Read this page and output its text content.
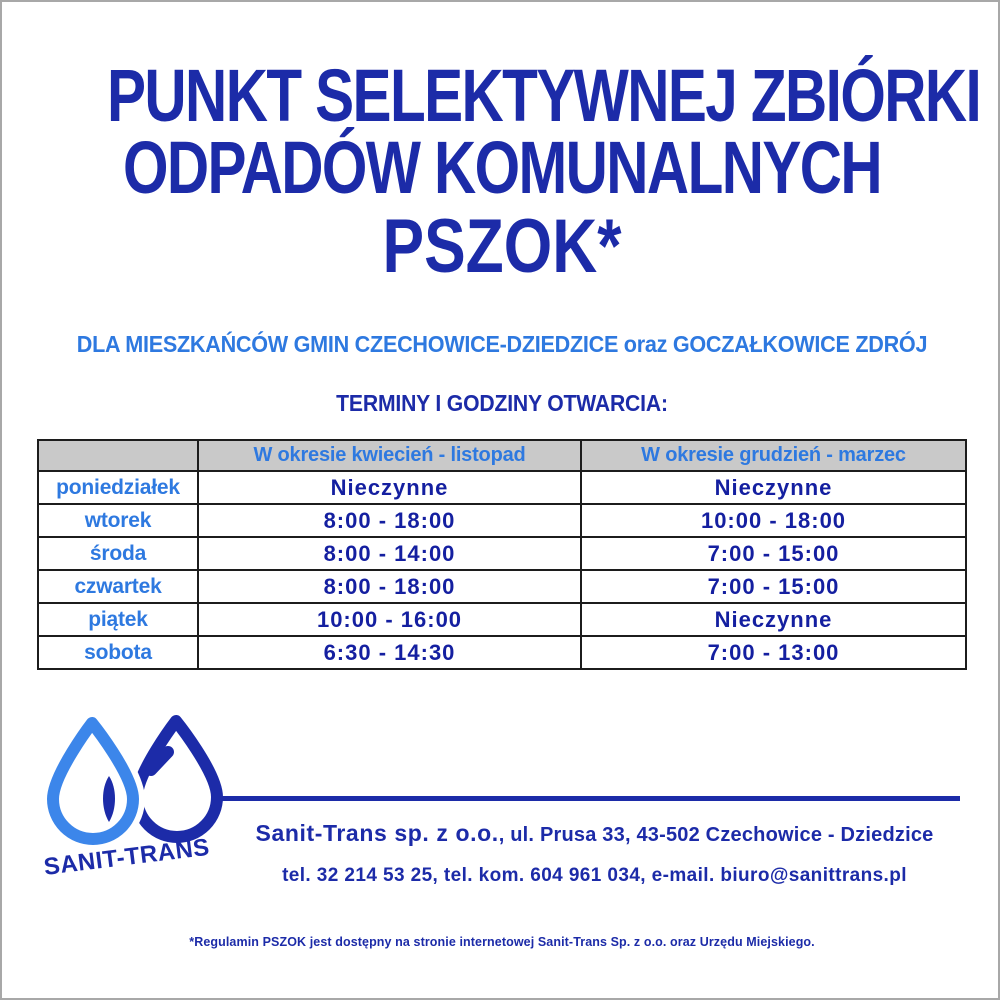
PUNKT SELEKTYWNEJ ZBIÓRKI
ODPADÓW KOMUNALNYCH
PSZOK*
DLA MIESZKAŃCÓW GMIN CZECHOWICE-DZIEDZICE oraz GOCZAŁKOWICE ZDRÓJ
TERMINY I GODZINY OTWARCIA:
	W okresie kwiecień - listopad	W okresie grudzień - marzec
poniedziałek	Nieczynne	Nieczynne
wtorek	8:00 - 18:00	10:00 - 18:00
środa	8:00 - 14:00	7:00 - 15:00
czwartek	8:00 - 18:00	7:00 - 15:00
piątek	10:00 - 16:00	Nieczynne
sobota	6:30 - 14:30	7:00 - 13:00
SANIT-TRANS
Sanit-Trans sp. z o.o., ul. Prusa 33, 43-502 Czechowice - Dziedzice
tel. 32 214 53 25, tel. kom. 604 961 034, e-mail. biuro@sanittrans.pl
*Regulamin PSZOK jest dostępny na stronie internetowej Sanit-Trans Sp. z o.o. oraz Urzędu Miejskiego.
